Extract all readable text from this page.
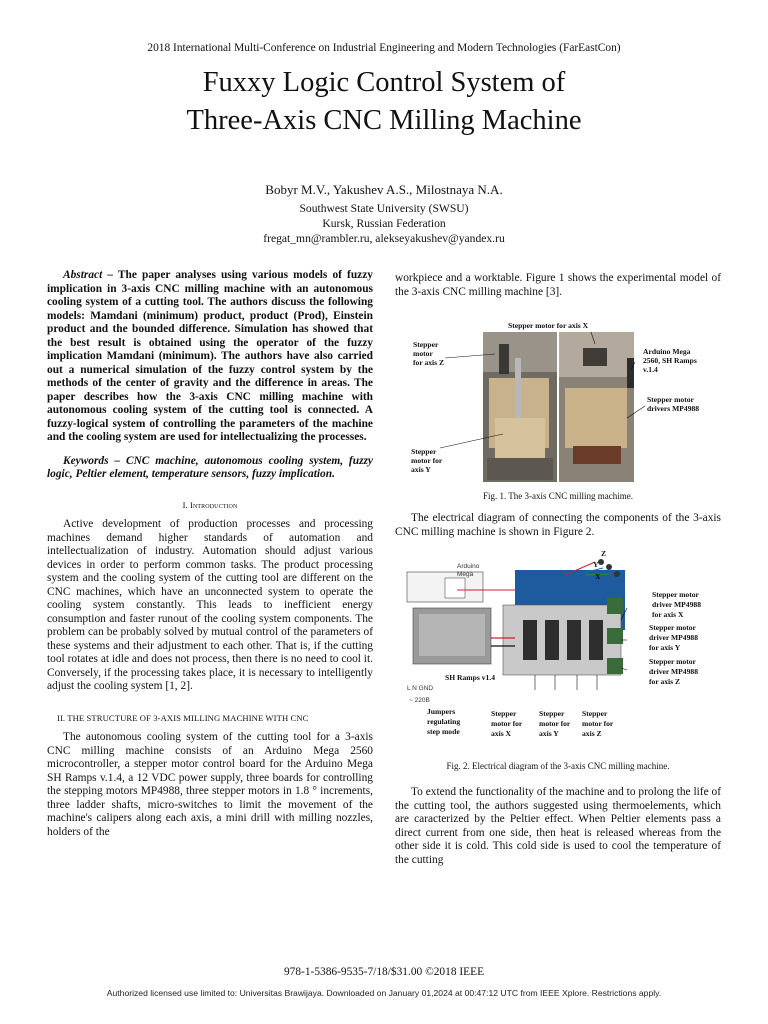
2018 International Multi-Conference on Industrial Engineering and Modern Technologies (FarEastCon)
Fuxxy Logic Control System of
Three-Axis CNC Milling Machine
Bobyr M.V., Yakushev A.S., Milostnaya N.A.
Southwest State University (SWSU)
Kursk, Russian Federation
fregat_mn@rambler.ru, alekseyakushev@yandex.ru

Abstract – The paper analyses using various models of fuzzy implication in 3-axis CNC milling machine with an autonomous cooling system of a cutting tool. The authors discuss the following models: Mamdani (minimum) product, product (Prod), Einstein product and the bounded difference. Simulation has showed that the best result is obtained using the operator of the fuzzy implication Mamdani (minimum). The authors have also carried out a numerical simulation of the fuzzy control system by the methods of the center of gravity and the difference in areas. The paper describes how the 3-axis CNC milling machine with autonomous cooling system of the cutting tool is connected. A fuzzy-logical system of controlling the parameters of the machine and the cooling system are used for intellectualizing the processes.

Keywords – CNC machine, autonomous cooling system, fuzzy logic, Peltier element, temperature sensors, fuzzy implication.

I. Introduction

Active development of production processes and processing machines demand higher standards of automation and intellectualization of industry. Automation should adjust various devices in order to perform common tasks. The product processing system and the cooling system of the cutting tool are different on the CNC machines, which have an unconnected system to operate the cooling system constantly. This leads to inefficient energy consumption and faster runout of the cooling system components. The problem can be probably solved by mutual control of the parameters of these systems and their adjustment to each other. That is, if the cutting tool rotates at idle and does not process, then there is no need to cool it. Conversely, if the processing takes place, it is necessary to intelligently adjust the cooling system [1, 2].

II. THE STRUCTURE OF 3-AXIS MILLING MACHINE WITH CNC

The autonomous cooling system of the cutting tool for a 3-axis CNC milling machine consists of an Arduino Mega 2560 microcontroller, a stepper motor control board for the Arduino Mega SH Ramps v.1.4, a 12 VDC power supply, three boards for controlling the stepping motors MP4988, three stepper motors in 1.8 ° increments, three ladder shafts, micro-switches to limit the movement of the machine's calipers along each axis, a mini drill with milling nozzles, holders of the

workpiece and a worktable. Figure 1 shows the experimental model of the 3-axis CNC milling machine [3].

Stepper motor for axis X
Stepper
motor
for axis Z
Arduino Mega
2560, SH Ramps
v.1.4
Stepper motor
drivers MP4988
Stepper
motor for
axis Y
Fig. 1. The 3-axis CNC milling machime.

The electrical diagram of connecting the components of the 3-axis CNC milling machine is shown in Figure 2.

Arduino
Mega
Z
Y
X
Stepper motor
driver MP4988
for axis X
Stepper motor
driver MP4988
for axis Y
Stepper motor
driver MP4988
for axis Z
SH Ramps v1.4
L N GND
~ 220B
Jumpers
regulating
step mode
Stepper
motor for
axis X
Stepper
motor for
axis Y
Stepper
motor for
axis Z
Fig. 2. Electrical diagram of the 3-axis CNC milling machine.

To extend the functionality of the machine and to prolong the life of the cutting tool, the authors suggested using thermoelements, which are caracterized by the Peltier effect. When Peltier elements pass a direct current from one side, then heat is released whereas from the other side it is cold. This cold side is used to cool the temperature of the cutting

978-1-5386-9535-7/18/$31.00 ©2018 IEEE
Authorized licensed use limited to: Universitas Brawijaya. Downloaded on January 01,2024 at 00:47:12 UTC from IEEE Xplore. Restrictions apply.
